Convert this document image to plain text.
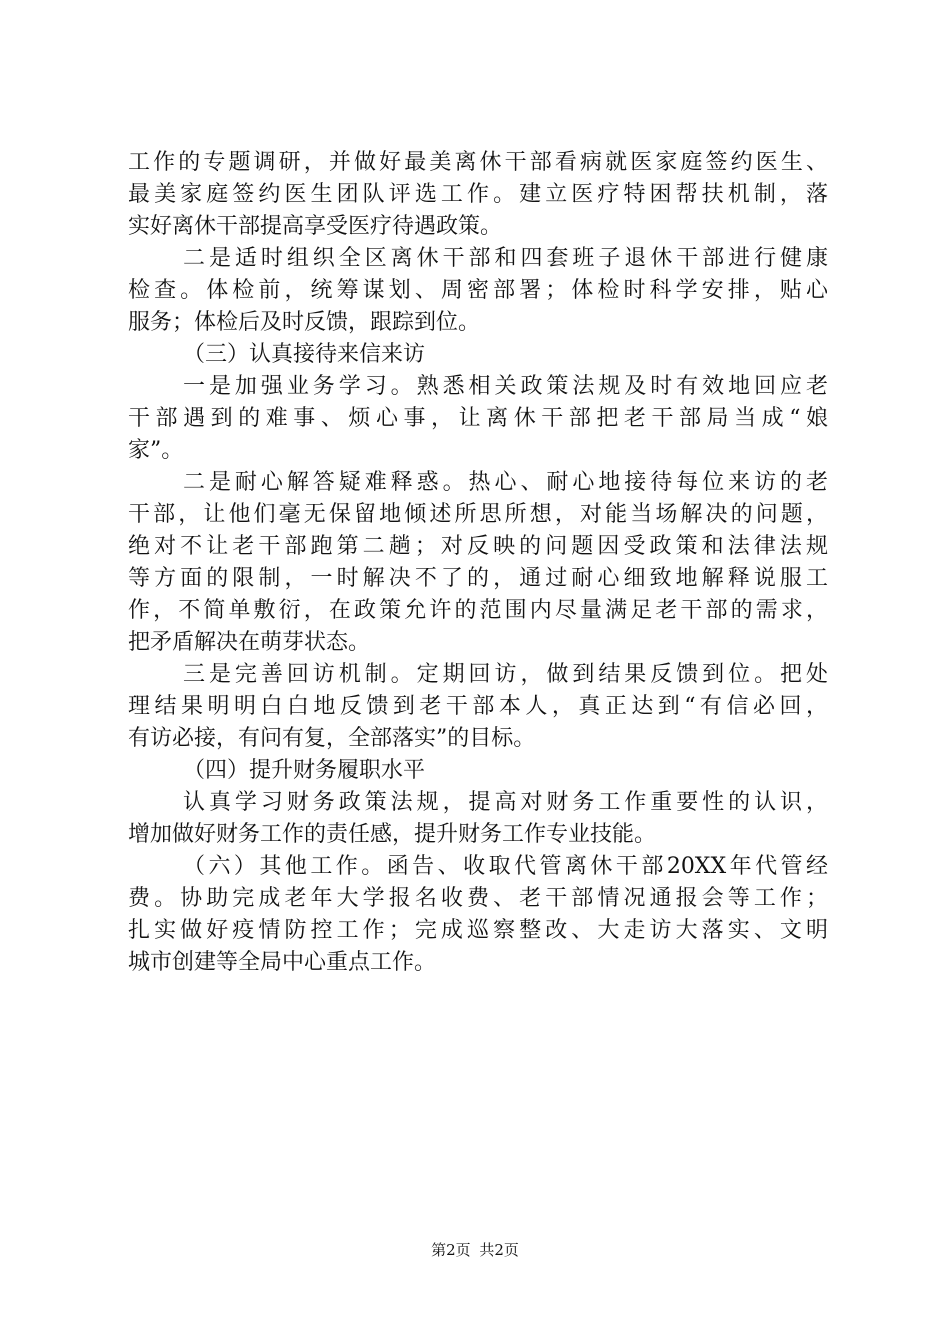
工作的专题调研，并做好最美离休干部看病就医家庭签约医生、
最美家庭签约医生团队评选工作。建立医疗特困帮扶机制，落
实好离休干部提高享受医疗待遇政策。
二是适时组织全区离休干部和四套班子退休干部进行健康
检查。体检前，统筹谋划、周密部署；体检时科学安排，贴心
服务；体检后及时反馈，跟踪到位。
（三）认真接待来信来访
一是加强业务学习。熟悉相关政策法规及时有效地回应老
干部遇到的难事、烦心事，让离休干部把老干部局当成“娘
家”。
二是耐心解答疑难释惑。热心、耐心地接待每位来访的老
干部，让他们毫无保留地倾述所思所想，对能当场解决的问题，
绝对不让老干部跑第二趟；对反映的问题因受政策和法律法规
等方面的限制，一时解决不了的，通过耐心细致地解释说服工
作，不简单敷衍，在政策允许的范围内尽量满足老干部的需求，
把矛盾解决在萌芽状态。
三是完善回访机制。定期回访，做到结果反馈到位。把处
理结果明明白白地反馈到老干部本人，真正达到“有信必回，
有访必接，有问有复，全部落实”的目标。
（四）提升财务履职水平
认真学习财务政策法规，提高对财务工作重要性的认识，
增加做好财务工作的责任感，提升财务工作专业技能。
（六）其他工作。函告、收取代管离休干部20XX年代管经
费。协助完成老年大学报名收费、老干部情况通报会等工作；
扎实做好疫情防控工作；完成巡察整改、大走访大落实、文明
城市创建等全局中心重点工作。
第2页 共2页
